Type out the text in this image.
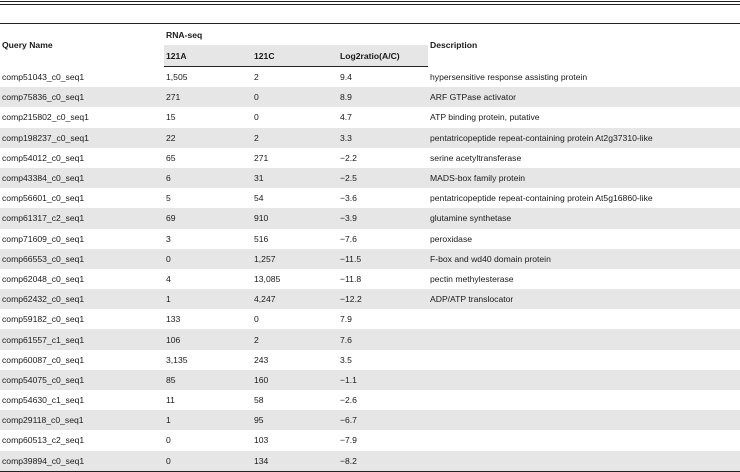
Query Name	RNA-seq			Description
	121A	121C	Log2ratio(A/C)	
comp51043_c0_seq1	1,505	2	9.4	hypersensitive response assisting protein
comp75836_c0_seq1	271	0	8.9	ARF GTPase activator
comp215802_c0_seq1	15	0	4.7	ATP binding protein, putative
comp198237_c0_seq1	22	2	3.3	pentatricopeptide repeat-containing protein At2g37310-like
comp54012_c0_seq1	65	271	−2.2	serine acetyltransferase
comp43384_c0_seq1	6	31	−2.5	MADS-box family protein
comp56601_c0_seq1	5	54	−3.6	pentatricopeptide repeat-containing protein At5g16860-like
comp61317_c2_seq1	69	910	−3.9	glutamine synthetase
comp71609_c0_seq1	3	516	−7.6	peroxidase
comp66553_c0_seq1	0	1,257	−11.5	F-box and wd40 domain protein
comp62048_c0_seq1	4	13,085	−11.8	pectin methylesterase
comp62432_c0_seq1	1	4,247	−12.2	ADP/ATP translocator
comp59182_c0_seq1	133	0	7.9	
comp61557_c1_seq1	106	2	7.6	
comp60087_c0_seq1	3,135	243	3.5	
comp54075_c0_seq1	85	160	−1.1	
comp54630_c1_seq1	11	58	−2.6	
comp29118_c0_seq1	1	95	−6.7	
comp60513_c2_seq1	0	103	−7.9	
comp39894_c0_seq1	0	134	−8.2	
